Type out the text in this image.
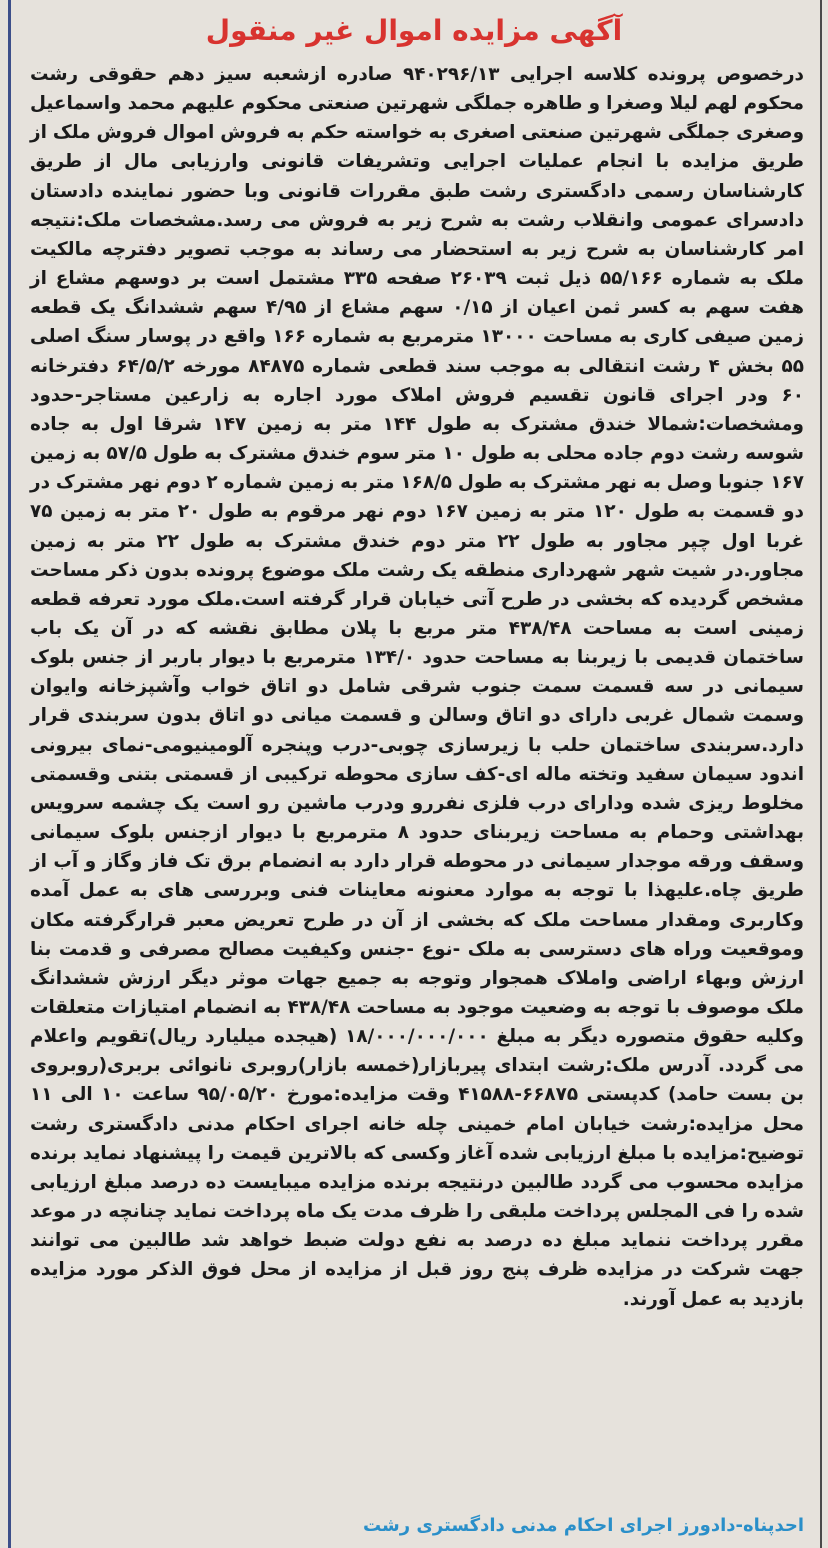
آگهی مزایده اموال غیر منقول
درخصوص پرونده کلاسه اجرایی ۹۴۰۲۹۶/۱۳ صادره ازشعبه سیز دهم حقوقی رشت محکوم لهم لیلا وصغرا و طاهره جملگی شهرتین صنعتی محکوم علیهم محمد واسماعیل وصغری جملگی شهرتین صنعتی اصغری به خواسته حکم به فروش اموال فروش ملک از طریق مزایده با انجام عملیات اجرایی وتشریفات قانونی وارزیابی مال از طریق کارشناسان رسمی دادگستری رشت طبق مقررات قانونی وبا حضور نماینده دادستان دادسرای عمومی وانقلاب رشت به شرح زیر به فروش می رسد.مشخصات ملک:نتیجه امر کارشناسان به شرح زیر به استحضار می رساند به موجب تصویر دفترچه مالکیت ملک به شماره ۵۵/۱۶۶ ذیل ثبت ۲۶۰۳۹ صفحه ۳۳۵ مشتمل است بر دوسهم مشاع از هفت سهم به کسر ثمن اعیان از ۰/۱۵ سهم مشاع از ۴/۹۵ سهم ششدانگ یک قطعه زمین صیفی کاری به مساحت ۱۳۰۰۰ مترمربع به شماره ۱۶۶ واقع در پوسار سنگ اصلی ۵۵ بخش ۴ رشت انتقالی به موجب سند قطعی شماره ۸۴۸۷۵ مورخه ۶۴/۵/۲ دفترخانه ۶۰ ودر اجرای قانون تقسیم فروش املاک مورد اجاره به زارعین مستاجر-حدود ومشخصات:شمالا خندق مشترک به طول ۱۴۴ متر به زمین ۱۴۷ شرقا اول به جاده شوسه رشت دوم جاده محلی به طول ۱۰ متر سوم خندق مشترک به طول ۵۷/۵ به زمین ۱۶۷ جنوبا وصل به نهر مشترک به طول ۱۶۸/۵ متر به زمین شماره ۲ دوم نهر مشترک در دو قسمت به طول ۱۲۰ متر به زمین ۱۶۷ دوم نهر مرقوم به طول ۲۰ متر به زمین ۷۵ غربا اول چپر مجاور به طول ۲۲ متر دوم خندق مشترک به طول ۲۲ متر به زمین مجاور.در شیت شهر شهرداری منطقه یک رشت ملک موضوع پرونده بدون ذکر مساحت مشخص گردیده که بخشی در طرح آتی خیابان قرار گرفته است.ملک مورد تعرفه قطعه زمینی است به مساحت ۴۳۸/۴۸ متر مربع با پلان مطابق نقشه که در آن یک باب ساختمان قدیمی با زیربنا به مساحت حدود ۱۳۴/۰ مترمربع با دیوار باربر از جنس بلوک سیمانی در سه قسمت سمت جنوب شرقی شامل دو اتاق خواب وآشپزخانه وایوان وسمت شمال غربی دارای دو اتاق وسالن و قسمت میانی دو اتاق بدون سربندی قرار دارد.سربندی ساختمان حلب با زیرسازی چوبی-درب وپنجره آلومینیومی-نمای بیرونی اندود سیمان سفید وتخته ماله ای-کف سازی محوطه ترکیبی از قسمتی بتنی وقسمتی مخلوط ریزی شده ودارای درب فلزی نفررو ودرب ماشین رو است یک چشمه سرویس بهداشتی وحمام به مساحت زیربنای حدود ۸ مترمربع با دیوار ازجنس بلوک سیمانی وسقف ورقه موجدار سیمانی در محوطه قرار دارد به انضمام برق تک فاز وگاز و آب از طریق چاه.علیهذا با توجه به موارد معنونه معاینات فنی وبررسی های به عمل آمده وکاربری ومقدار مساحت ملک که بخشی از آن در طرح تعریض معبر قرارگرفته مکان وموقعیت وراه های دسترسی به ملک -نوع -جنس وکیفیت مصالح مصرفی و قدمت بنا ارزش وبهاء اراضی واملاک همجوار وتوجه به جمیع جهات موثر دیگر ارزش ششدانگ ملک موصوف با توجه به وضعیت موجود به مساحت ۴۳۸/۴۸ به انضمام امتیازات متعلقات وکلیه حقوق متصوره دیگر به مبلغ ۱۸/۰۰۰/۰۰۰/۰۰۰ (هیجده میلیارد ریال)تقویم واعلام می گردد. آدرس ملک:رشت ابتدای پیربازار(خمسه بازار)روبری نانوائی بربری(روبروی بن بست حامد) کدپستی ۶۶۸۷۵-۴۱۵۸۸ وقت مزایده:مورخ ۹۵/۰۵/۲۰ ساعت ۱۰ الی ۱۱ محل مزایده:رشت خیابان امام خمینی چله خانه اجرای احکام مدنی دادگستری رشت توضیح:مزایده با مبلغ ارزیابی شده آغاز وکسی که بالاترین قیمت را پیشنهاد نماید برنده مزایده محسوب می گردد طالبین درنتیجه برنده مزایده میبایست ده درصد مبلغ ارزیابی شده را فی المجلس پرداخت ملبقی را ظرف مدت یک ماه پرداخت نماید چنانچه در موعد مقرر پرداخت ننماید مبلغ ده درصد به نفع دولت ضبط خواهد شد طالبین می توانند جهت شرکت در مزایده ظرف پنج روز قبل از مزایده از محل فوق الذکر مورد مزایده بازدید به عمل آورند.
احدپناه-دادورز اجرای احکام مدنی دادگستری رشت
